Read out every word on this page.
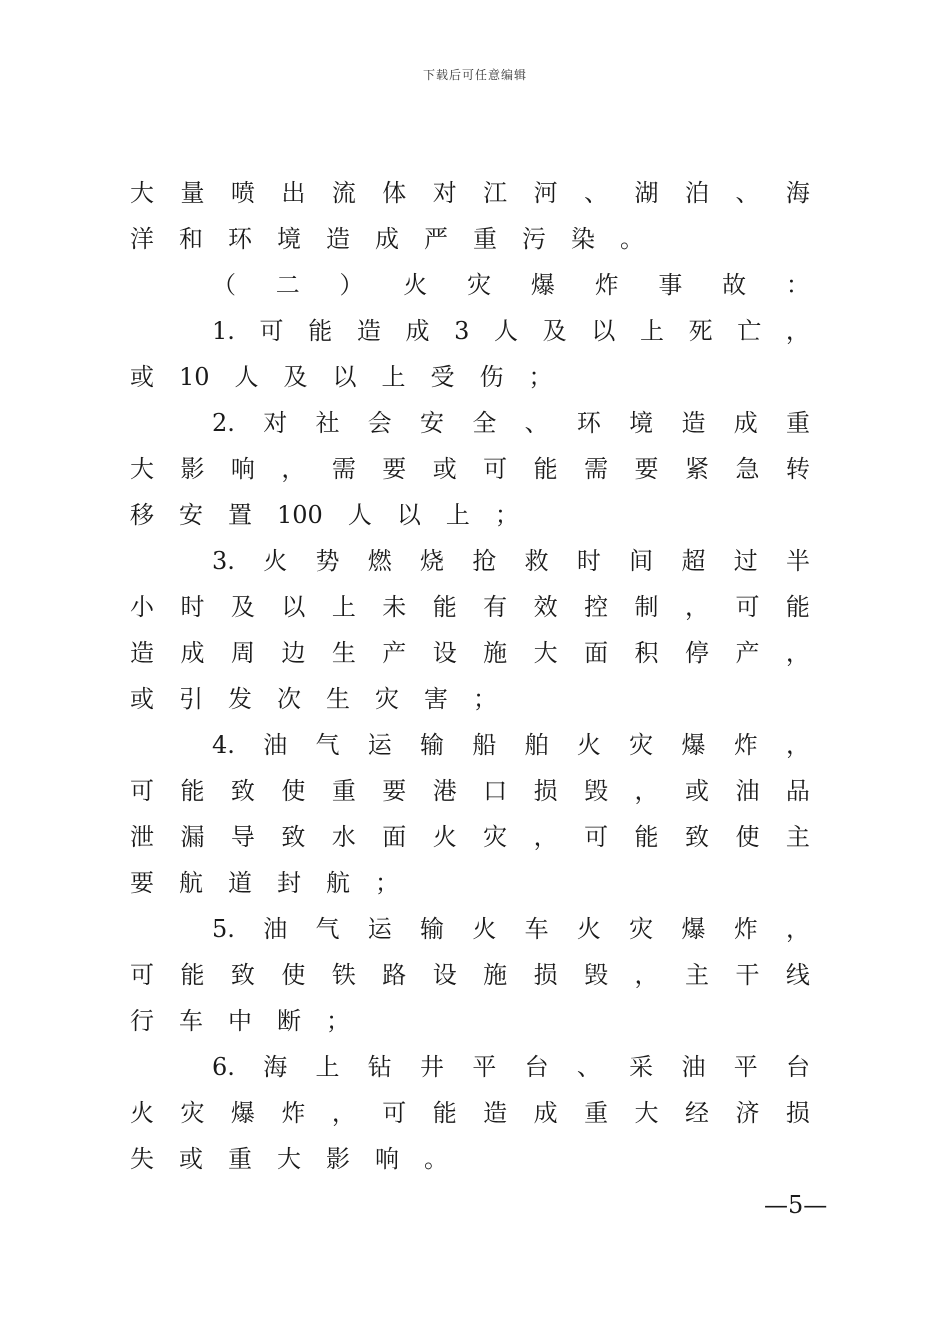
下载后可任意编辑
大 量 喷 出 流 体 对 江 河 、 湖 泊 、 海
洋 和 环 境 造 成 严 重 污 染 。
（ 二 ） 火 灾 爆 炸 事 故 ：
1. 可 能 造 成 3 人 及 以 上 死 亡 ，
或 10 人 及 以 上 受 伤 ；
2. 对 社 会 安 全 、 环 境 造 成 重
大 影 响 ， 需 要 或 可 能 需 要 紧 急 转
移 安 置 100 人 以 上 ；
3. 火 势 燃 烧 抢 救 时 间 超 过 半
小 时 及 以 上 未 能 有 效 控 制 ， 可 能
造 成 周 边 生 产 设 施 大 面 积 停 产 ，
或 引 发 次 生 灾 害 ；
4. 油 气 运 输 船 舶 火 灾 爆 炸 ，
可 能 致 使 重 要 港 口 损 毁 ， 或 油 品
泄 漏 导 致 水 面 火 灾 ， 可 能 致 使 主
要 航 道 封 航 ；
5. 油 气 运 输 火 车 火 灾 爆 炸 ，
可 能 致 使 铁 路 设 施 损 毁 ， 主 干 线
行 车 中 断 ；
6. 海 上 钻 井 平 台 、 采 油 平 台
火 灾 爆 炸 ， 可 能 造 成 重 大 经 济 损
失 或 重 大 影 响 。
—5—
